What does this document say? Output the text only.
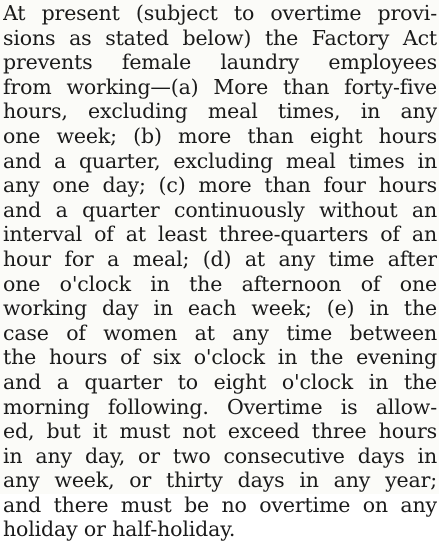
At present (subject to overtime provi-
sions as stated below) the Factory Act
prevents female laundry employees
from working—(a) More than forty-five
hours, excluding meal times, in any
one week; (b) more than eight hours
and a quarter, excluding meal times in
any one day; (c) more than four hours
and a quarter continuously without an
interval of at least three-quarters of an
hour for a meal; (d) at any time after
one o'clock in the afternoon of one
working day in each week; (e) in the
case of women at any time between
the hours of six o'clock in the evening
and a quarter to eight o'clock in the
morning following. Overtime is allow-
ed, but it must not exceed three hours
in any day, or two consecutive days in
any week, or thirty days in any year;
and there must be no overtime on any
holiday or half-holiday.
